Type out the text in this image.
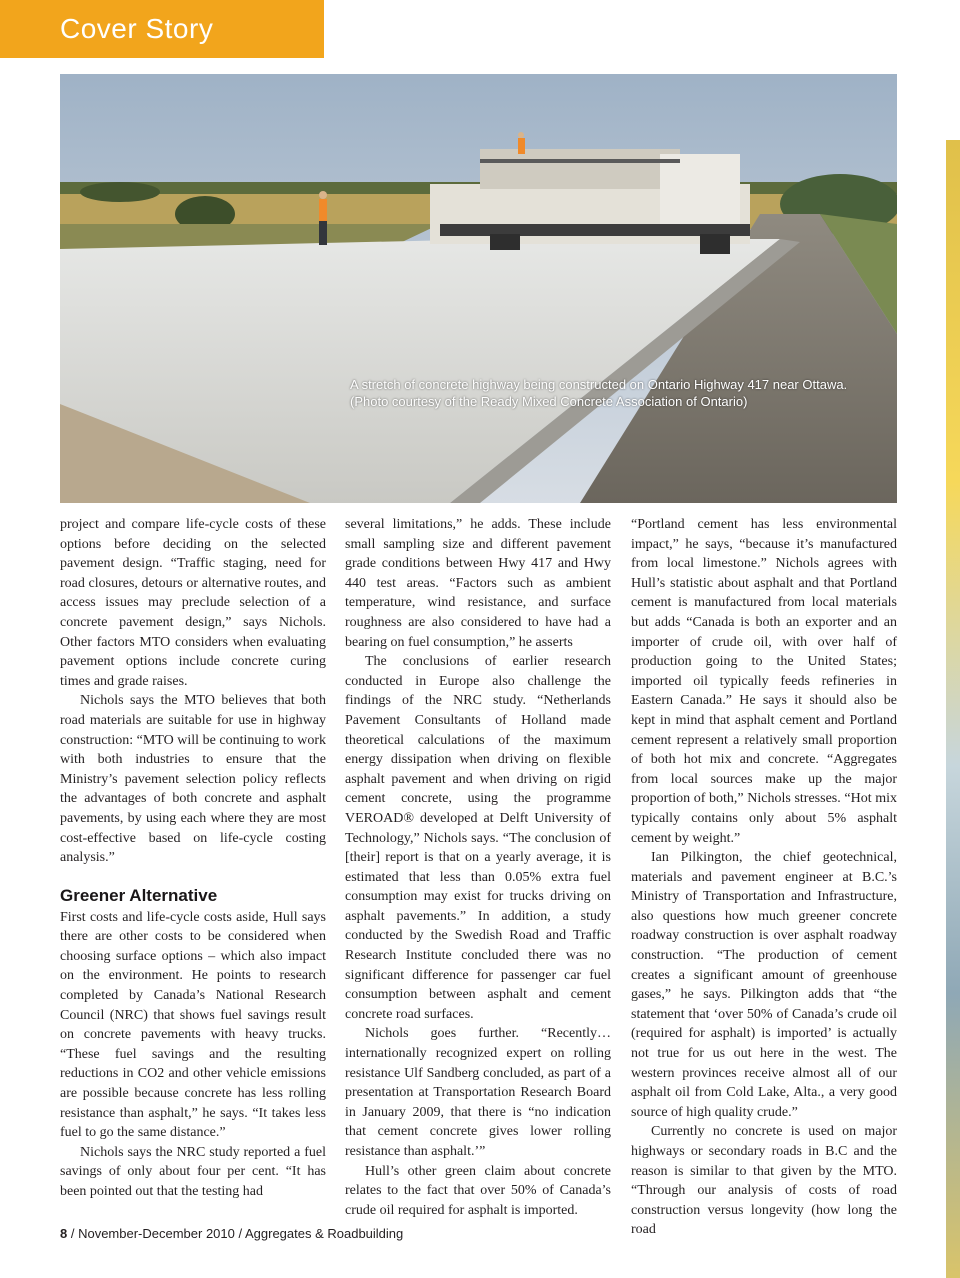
Cover Story
A stretch of concrete highway being constructed on Ontario Highway 417 near Ottawa.
(Photo courtesy of the Ready Mixed Concrete Association of Ontario)

project and compare life-cycle costs of these options before deciding on the selected pavement design. “Traffic staging, need for road closures, detours or alternative routes, and access issues may preclude selection of a concrete pavement design,” says Nichols. Other factors MTO considers when evaluating pavement options include concrete curing times and grade raises.

Nichols says the MTO believes that both road materials are suitable for use in highway construction: “MTO will be continuing to work with both industries to ensure that the Ministry’s pavement selection policy reflects the advantages of both concrete and asphalt pavements, by using each where they are most cost-effective based on life-cycle costing analysis.”

Greener Alternative

First costs and life-cycle costs aside, Hull says there are other costs to be considered when choosing surface options – which also impact on the environment. He points to research completed by Canada’s National Research Council (NRC) that shows fuel savings result on concrete pavements with heavy trucks. “These fuel savings and the resulting reductions in CO2 and other vehicle emissions are possible because concrete has less rolling resistance than asphalt,” he says. “It takes less fuel to go the same distance.”

Nichols says the NRC study reported a fuel savings of only about four per cent. “It has been pointed out that the testing had

several limitations,” he adds. These include small sampling size and different pavement grade conditions between Hwy 417 and Hwy 440 test areas. “Factors such as ambient temperature, wind resistance, and surface roughness are also considered to have had a bearing on fuel consumption,” he asserts

The conclusions of earlier research conducted in Europe also challenge the findings of the NRC study. “Netherlands Pavement Consultants of Holland made theoretical calculations of the maximum energy dissipation when driving on flexible asphalt pavement and when driving on rigid cement concrete, using the programme VEROAD® developed at Delft University of Technology,” Nichols says. “The conclusion of [their] report is that on a yearly average, it is estimated that less than 0.05% extra fuel consumption may exist for trucks driving on asphalt pavements.” In addition, a study conducted by the Swedish Road and Traffic Research Institute concluded there was no significant difference for passenger car fuel consumption between asphalt and cement concrete road surfaces.

Nichols goes further. “Recently… internationally recognized expert on rolling resistance Ulf Sandberg concluded, as part of a presentation at Transportation Research Board in January 2009, that there is “no indication that cement concrete gives lower rolling resistance than asphalt.’”

Hull’s other green claim about concrete relates to the fact that over 50% of Canada’s crude oil required for asphalt is imported.

“Portland cement has less environmental impact,” he says, “because it’s manufactured from local limestone.” Nichols agrees with Hull’s statistic about asphalt and that Portland cement is manufactured from local materials but adds “Canada is both an exporter and an importer of crude oil, with over half of production going to the United States; imported oil typically feeds refineries in Eastern Canada.” He says it should also be kept in mind that asphalt cement and Portland cement represent a relatively small proportion of both hot mix and concrete. “Aggregates from local sources make up the major proportion of both,” Nichols stresses. “Hot mix typically contains only about 5% asphalt cement by weight.”

Ian Pilkington, the chief geotechnical, materials and pavement engineer at B.C.’s Ministry of Transportation and Infrastructure, also questions how much greener concrete roadway construction is over asphalt roadway construction. “The production of cement creates a significant amount of greenhouse gases,” he says. Pilkington adds that “the statement that ‘over 50% of Canada’s crude oil (required for asphalt) is imported’ is actually not true for us out here in the west. The western provinces receive almost all of our asphalt oil from Cold Lake, Alta., a very good source of high quality crude.”

Currently no concrete is used on major highways or secondary roads in B.C and the reason is similar to that given by the MTO. “Through our analysis of costs of road construction versus longevity (how long the road

8 / November-December 2010 / Aggregates & Roadbuilding
